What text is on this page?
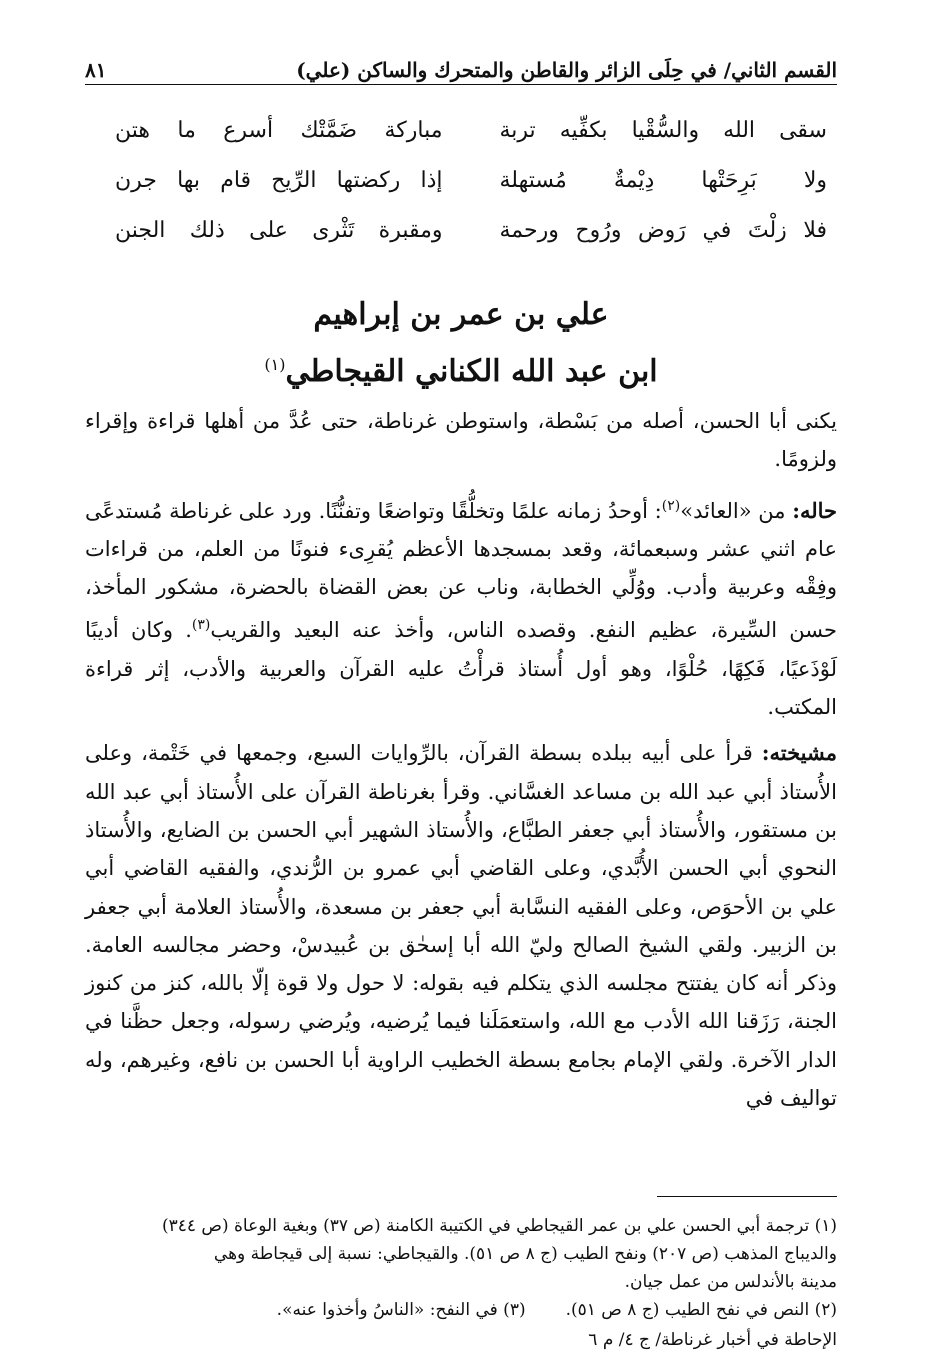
القسم الثاني/ في حِلَى الزائر والقاطن والمتحرك والساكن (علي)
٨١
سقى الله والسُّقْيا بكفِّيه تربة
مباركة ضَمَّتْك أسرع ما هتن
ولا بَرِحَتْها دِيْمةٌ مُستهلة
إذا ركضتها الرِّيح قام بها جرن
فلا زلْتَ في رَوض ورُوح ورحمة
ومقبرة تَثْرى على ذلك الجنن
علي بن عمر بن إبراهيم
ابن عبد الله الكناني القيجاطي$^{(١)}$

يكنى أبا الحسن، أصله من بَسْطة، واستوطن غرناطة، حتى عُدَّ من أهلها قراءة وإقراء ولزومًا.

حاله: من «العائد»$^{(٢)}$: أوحدُ زمانه علمًا وتخلُّقًا وتواضعًا وتفنُّنًا. ورد على غرناطة مُستدعًى عام اثني عشر وسبعمائة، وقعد بمسجدها الأعظم يُقرِىء فنونًا من العلم، من قراءات وفِقْه وعربية وأدب. ووُلِّي الخطابة، وناب عن بعض القضاة بالحضرة، مشكور المأخذ، حسن السِّيرة، عظيم النفع. وقصده الناس، وأخذ عنه البعيد والقريب$^{(٣)}$. وكان أديبًا لَوْذَعيًا، فَكِهًا، حُلْوًا، وهو أول أُستاذ قرأْتُ عليه القرآن والعربية والأدب، إثر قراءة المكتب.

مشيخته: قرأ على أبيه ببلده بسطة القرآن، بالرِّوايات السبع، وجمعها في خَتْمة، وعلى الأُستاذ أبي عبد الله بن مساعد الغسَّاني. وقرأ بغرناطة القرآن على الأُستاذ أبي عبد الله بن مستقور، والأُستاذ أبي جعفر الطبَّاع، والأُستاذ الشهير أبي الحسن بن الضايع، والأُستاذ النحوي أبي الحسن الأُبَّدي، وعلى القاضي أبي عمرو بن الرُّندي، والفقيه القاضي أبي علي بن الأحوَص، وعلى الفقيه النسَّابة أبي جعفر بن مسعدة، والأُستاذ العلامة أبي جعفر بن الزبير. ولقي الشيخ الصالح وليّ الله أبا إسحٰق بن عُبيدسْ، وحضر مجالسه العامة. وذكر أنه كان يفتتح مجلسه الذي يتكلم فيه بقوله: لا حول ولا قوة إلّا بالله، كنز من كنوز الجنة، رَزَقنا الله الأدب مع الله، واستعمَلَنا فيما يُرضيه، ويُرضي رسوله، وجعل حظَّنا في الدار الآخرة. ولقي الإمام بجامع بسطة الخطيب الراوية أبا الحسن بن نافع، وغيرهم، وله تواليف في

(١) ترجمة أبي الحسن علي بن عمر القيجاطي في الكتيبة الكامنة (ص ٣٧) وبغية الوعاة (ص ٣٤٤)

والديباج المذهب (ص ٢٠٧) ونفح الطيب (ج ٨ ص ٥١). والقيجاطي: نسبة إلى قيجاطة وهي

مدينة بالأندلس من عمل جيان.

(٢) النص في نفح الطيب (ج ٨ ص ٥١).
(٣) في النفح: «الناسُ وأخذوا عنه».
الإحاطة في أخبار غرناطة/ ج ٤/ م ٦
